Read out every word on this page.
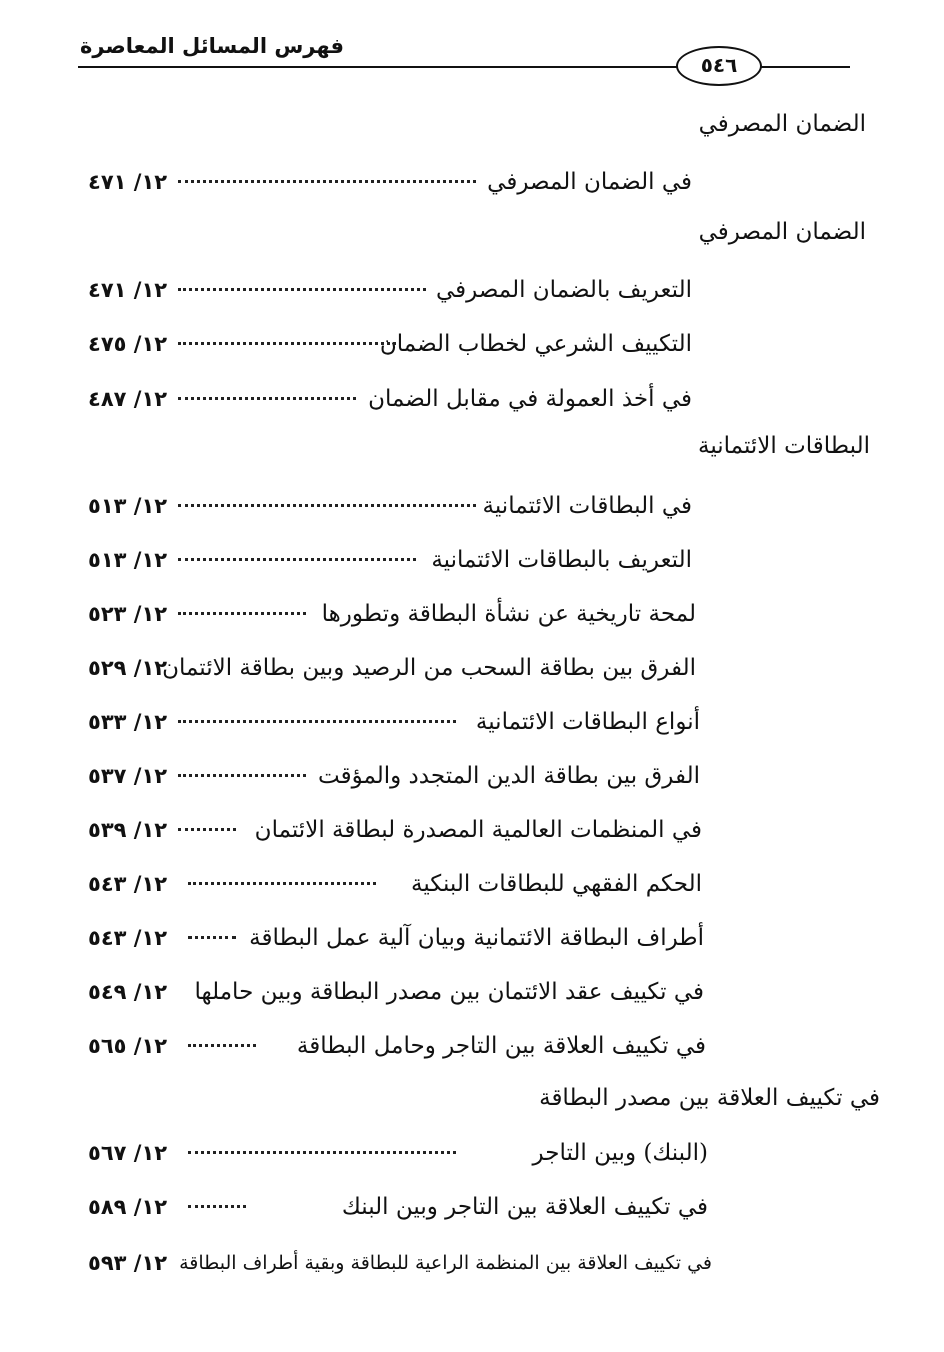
فهرس المسائل المعاصرة
٥٤٦
الضمان المصرفي
في الضمان المصرفي
١٢/ ٤٧١
الضمان المصرفي
التعريف بالضمان المصرفي
١٢/ ٤٧١
التكييف الشرعي لخطاب الضمان
١٢/ ٤٧٥
في أخذ العمولة في مقابل الضمان
١٢/ ٤٨٧
البطاقات الائتمانية
في البطاقات الائتمانية
١٢/ ٥١٣
التعريف بالبطاقات الائتمانية
١٢/ ٥١٣
لمحة تاريخية عن نشأة البطاقة وتطورها
١٢/ ٥٢٣
الفرق بين بطاقة السحب من الرصيد وبين بطاقة الائتمان
١٢/ ٥٢٩
أنواع البطاقات الائتمانية
١٢/ ٥٣٣
الفرق بين بطاقة الدين المتجدد والمؤقت
١٢/ ٥٣٧
في المنظمات العالمية المصدرة لبطاقة الائتمان
١٢/ ٥٣٩
الحكم الفقهي للبطاقات البنكية
١٢/ ٥٤٣
أطراف البطاقة الائتمانية وبيان آلية عمل البطاقة
١٢/ ٥٤٣
في تكييف عقد الائتمان بين مصدر البطاقة وبين حاملها
١٢/ ٥٤٩
في تكييف العلاقة بين التاجر وحامل البطاقة
١٢/ ٥٦٥
في تكييف العلاقة بين مصدر البطاقة
(البنك) وبين التاجر
١٢/ ٥٦٧
في تكييف العلاقة بين التاجر وبين البنك
١٢/ ٥٨٩
في تكييف العلاقة بين المنظمة الراعية للبطاقة وبقية أطراف البطاقة
١٢/ ٥٩٣
